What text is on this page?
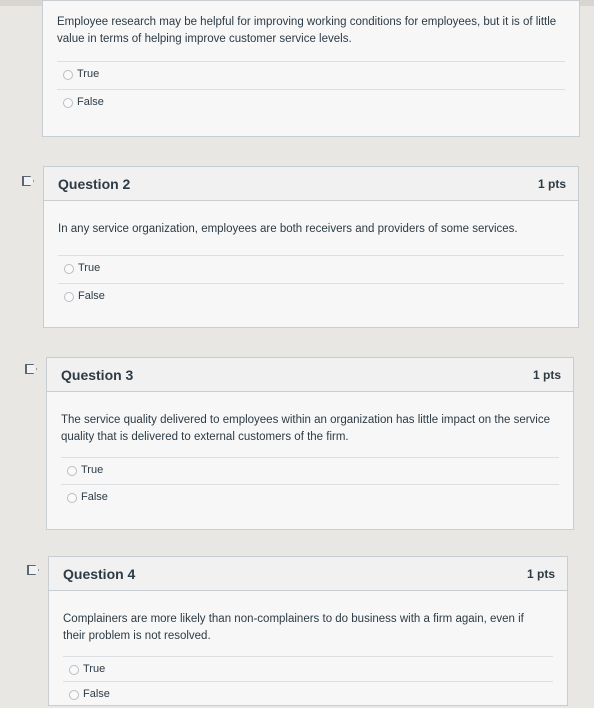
Employee research may be helpful for improving working conditions for employees, but it is of little value in terms of helping improve customer service levels.
True
False
Question 2	1 pts
In any service organization, employees are both receivers and providers of some services.
True
False
Question 3	1 pts
The service quality delivered to employees within an organization has little impact on the service quality that is delivered to external customers of the firm.
True
False
Question 4	1 pts
Complainers are more likely than non-complainers to do business with a firm again, even if their problem is not resolved.
True
False
